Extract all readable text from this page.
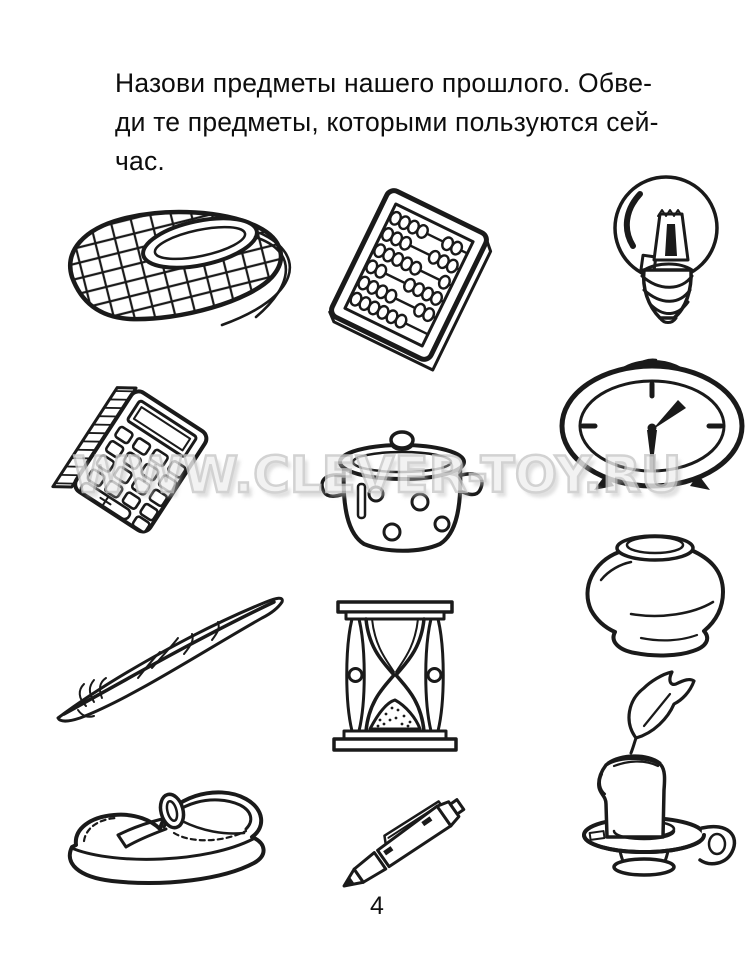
Назови предметы нашего прошлого. Обве-
ди те предметы, которыми пользуются сей-
час.
WWW.CLEVER-TOY.RU
4
